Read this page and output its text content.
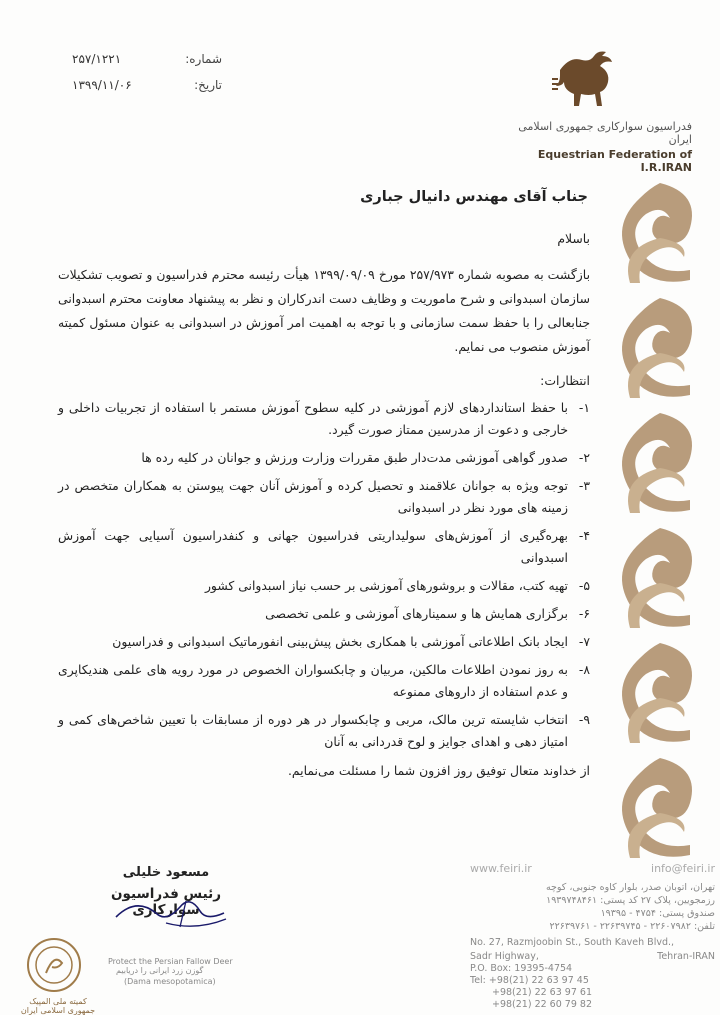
شماره:
۲۵۷/۱۲۲۱
تاریخ:
۱۳۹۹/۱۱/۰۶
فدراسیون سوارکاری جمهوری اسلامی ایران
Equestrian Federation of I.R.IRAN
جناب آقای مهندس دانیال جباری
باسلام
بازگشت به مصوبه شماره ۲۵۷/۹۷۳ مورخ ۱۳۹۹/۰۹/۰۹ هیأت رئیسه محترم فدراسیون و تصویب تشکیلات سازمان اسبدوانی و شرح ماموریت و وظایف دست اندرکاران و نظر به پیشنهاد معاونت محترم اسبدوانی جنابعالی را با حفظ سمت سازمانی و با توجه به اهمیت امر آموزش در اسبدوانی به عنوان مسئول کمیته آموزش منصوب می نمایم.
انتظارات:
۱-
با حفظ استانداردهای لازم آموزشی در کلیه سطوح آموزش مستمر با استفاده از تجربیات داخلی و خارجی و دعوت از مدرسین ممتاز صورت گیرد.
۲-
صدور گواهی آموزشی مدت‌دار طبق مقررات وزارت ورزش و جوانان در کلیه رده ها
۳-
توجه ویژه به جوانان علاقمند و تحصیل کرده و آموزش آنان جهت پیوستن به همکاران متخصص در زمینه های مورد نظر در اسبدوانی
۴-
بهره‌گیری از آموزش‌های سولیداریتی فدراسیون جهانی و کنفدراسیون آسیایی جهت آموزش اسبدوانی
۵-
تهیه کتب، مقالات و بروشورهای آموزشی بر حسب نیاز اسبدوانی کشور
۶-
برگزاری همایش ها و سمینارهای آموزشی و علمی تخصصی
۷-
ایجاد بانک اطلاعاتی آموزشی با همکاری بخش پیش‌بینی انفورماتیک اسبدوانی و فدراسیون
۸-
به روز نمودن اطلاعات مالکین، مربیان و چابکسواران الخصوص در مورد رویه های علمی هندیکاپری و عدم استفاده از داروهای ممنوعه
۹-
انتخاب شایسته ترین مالک، مربی و چابکسوار در هر دوره از مسابقات با تعیین شاخص‌های کمی و امتیاز دهی و اهدای جوایز و لوح قدردانی به آنان
از خداوند متعال توفیق روز افزون شما را مسئلت می‌نمایم.
مسعود خلیلی
رئیس فدراسیون سوارکاری
www.feiri.ir	info@feiri.ir
تهران، اتوبان صدر، بلوار کاوه جنوبی، کوچه
رزمجویین، پلاک ۲۷ کد پستی: ۱۹۳۹۷۴۸۴۶۱
صندوق پستی: ۴۷۵۴ - ۱۹۳۹۵
تلفن: ۲۲۶۰۷۹۸۲ - ۲۲۶۳۹۷۴۵ - ۲۲۶۳۹۷۶۱
No. 27, Razmjoobin St., South Kaveh Blvd.,
Sadr Highway,	Tehran-IRAN
P.O. Box: 19395-4754
Tel: +98(21) 22 63 97 45
+98(21) 22 63 97 61
+98(21) 22 60 79 82
کمیته ملی المپیک جمهوری اسلامی ایران
Protect the Persian Fallow Deer گوزن زرد ایرانی را دریابیم
(Dama mesopotamica)
